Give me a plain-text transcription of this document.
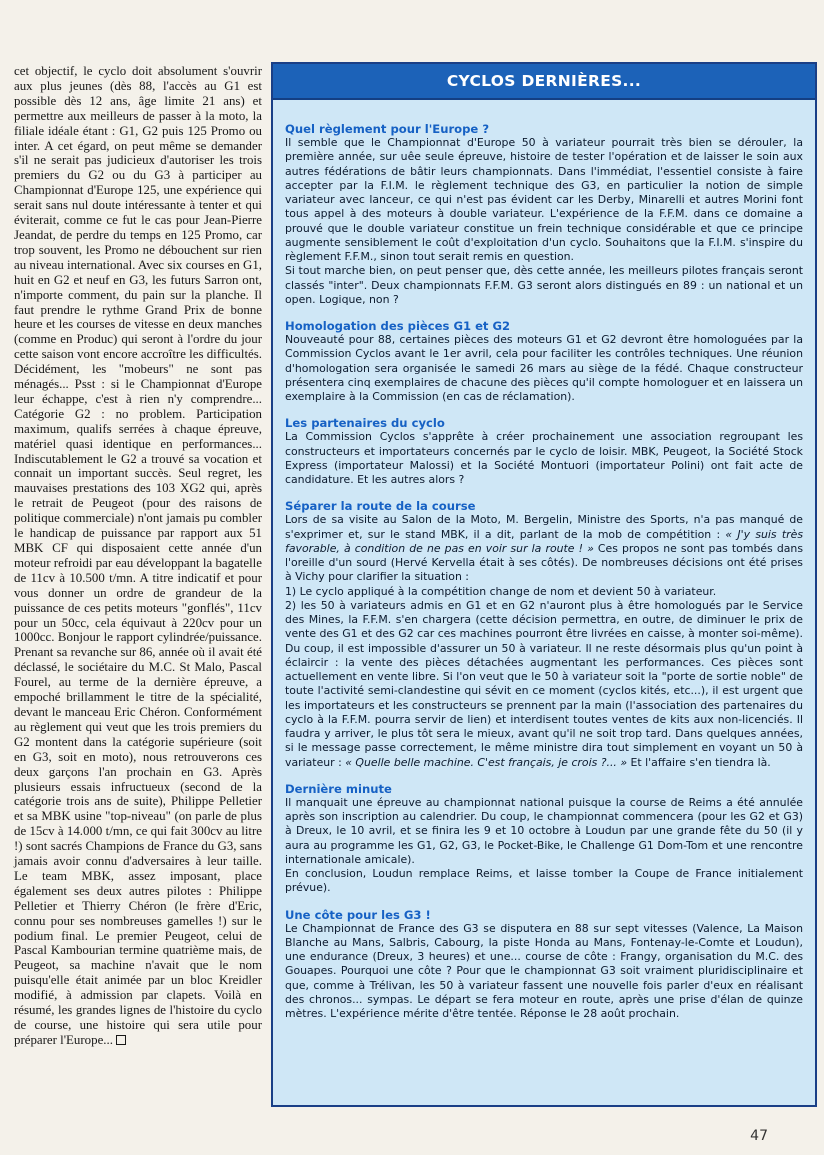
cet objectif, le cyclo doit absolument s'ouvrir aux plus jeunes (dès 88, l'accès au G1 est possible dès 12 ans, âge limite 21 ans) et permettre aux meilleurs de passer à la moto, la filiale idéale étant : G1, G2 puis 125 Promo ou inter. A cet égard, on peut même se demander s'il ne serait pas judicieux d'autoriser les trois premiers du G2 ou du G3 à participer au Championnat d'Europe 125, une expérience qui serait sans nul doute intéressante à tenter et qui éviterait, comme ce fut le cas pour Jean-Pierre Jeandat, de perdre du temps en 125 Promo, car trop souvent, les Promo ne débouchent sur rien au niveau international. Avec six courses en G1, huit en G2 et neuf en G3, les futurs Sarron ont, n'importe comment, du pain sur la planche. Il faut prendre le rythme Grand Prix de bonne heure et les courses de vitesse en deux manches (comme en Produc) qui seront à l'ordre du jour cette saison vont encore accroître les difficultés. Décidément, les "mobeurs" ne sont pas ménagés... Psst : si le Championnat d'Europe leur échappe, c'est à rien n'y comprendre... Catégorie G2 : no problem. Participation maximum, qualifs serrées à chaque épreuve, matériel quasi identique en performances... Indiscutablement le G2 a trouvé sa vocation et connait un important succès. Seul regret, les mauvaises prestations des 103 XG2 qui, après le retrait de Peugeot (pour des raisons de politique commerciale) n'ont jamais pu combler le handicap de puissance par rapport aux 51 MBK CF qui disposaient cette année d'un moteur refroidi par eau développant la bagatelle de 11cv à 10.500 t/mn. A titre indicatif et pour vous donner un ordre de grandeur de la puissance de ces petits moteurs "gonflés", 11cv pour un 50cc, cela équivaut à 220cv pour un 1000cc. Bonjour le rapport cylindrée/puissance. Prenant sa revanche sur 86, année où il avait été déclassé, le sociétaire du M.C. St Malo, Pascal Fourel, au terme de la dernière épreuve, a empoché brillamment le titre de la spécialité, devant le manceau Eric Chéron. Conformément au règlement qui veut que les trois premiers du G2 montent dans la catégorie supérieure (soit en G3, soit en moto), nous retrouverons ces deux garçons l'an prochain en G3. Après plusieurs essais infructueux (second de la catégorie trois ans de suite), Philippe Pelletier et sa MBK usine "top-niveau" (on parle de plus de 15cv à 14.000 t/mn, ce qui fait 300cv au litre !) sont sacrés Champions de France du G3, sans jamais avoir connu d'adversaires à leur taille. Le team MBK, assez imposant, place également ses deux autres pilotes : Philippe Pelletier et Thierry Chéron (le frère d'Eric, connu pour ses nombreuses gamelles !) sur le podium final. Le premier Peugeot, celui de Pascal Kambourian termine quatrième mais, de Peugeot, sa machine n'avait que le nom puisqu'elle était animée par un bloc Kreidler modifié, à admission par clapets. Voilà en résumé, les grandes lignes de l'histoire du cyclo de course, une histoire qui sera utile pour préparer l'Europe...

CYCLOS DERNIÈRES...
Quel règlement pour l'Europe ?
Il semble que le Championnat d'Europe 50 à variateur pourrait très bien se dérouler, la première année, sur uêe seule épreuve, histoire de tester l'opération et de laisser le soin aux autres fédérations de bâtir leurs championnats. Dans l'immédiat, l'essentiel consiste à faire accepter par la F.I.M. le règlement technique des G3, en particulier la notion de simple variateur avec lanceur, ce qui n'est pas évident car les Derby, Minarelli et autres Morini font tous appel à des moteurs à double variateur. L'expérience de la F.F.M. dans ce domaine a prouvé que le double variateur constitue un frein technique considérable et que ce principe augmente sensiblement le coût d'exploitation d'un cyclo. Souhaitons que la F.I.M. s'inspire du règlement F.F.M., sinon tout serait remis en question.
Si tout marche bien, on peut penser que, dès cette année, les meilleurs pilotes français seront classés "inter". Deux championnats F.F.M. G3 seront alors distingués en 89 : un national et un open. Logique, non ?
Homologation des pièces G1 et G2
Nouveauté pour 88, certaines pièces des moteurs G1 et G2 devront être homologuées par la Commission Cyclos avant le 1er avril, cela pour faciliter les contrôles techniques. Une réunion d'homologation sera organisée le samedi 26 mars au siège de la fédé. Chaque constructeur présentera cinq exemplaires de chacune des pièces qu'il compte homologuer et en laissera un exemplaire à la Commission (en cas de réclamation).
Les partenaires du cyclo
La Commission Cyclos s'apprête à créer prochainement une association regroupant les constructeurs et importateurs concernés par le cyclo de loisir. MBK, Peugeot, la Société Stock Express (importateur Malossi) et la Société Montuori (importateur Polini) ont fait acte de candidature. Et les autres alors ?
Séparer la route de la course
Lors de sa visite au Salon de la Moto, M. Bergelin, Ministre des Sports, n'a pas manqué de s'exprimer et, sur le stand MBK, il a dit, parlant de la mob de compétition : « J'y suis très favorable, à condition de ne pas en voir sur la route ! » Ces propos ne sont pas tombés dans l'oreille d'un sourd (Hervé Kervella était à ses côtés). De nombreuses décisions ont été prises à Vichy pour clarifier la situation :
1) Le cyclo appliqué à la compétition change de nom et devient 50 à variateur.
2) les 50 à variateurs admis en G1 et en G2 n'auront plus à être homologués par le Service des Mines, la F.F.M. s'en chargera (cette décision permettra, en outre, de diminuer le prix de vente des G1 et des G2 car ces machines pourront être livrées en caisse, à monter soi-même). Du coup, il est impossible d'assurer un 50 à variateur. Il ne reste désormais plus qu'un point à éclaircir : la vente des pièces détachées augmentant les performances. Ces pièces sont actuellement en vente libre. Si l'on veut que le 50 à variateur soit la "porte de sortie noble" de toute l'activité semi-clandestine qui sévit en ce moment (cyclos kités, etc...), il est urgent que les importateurs et les constructeurs se prennent par la main (l'association des partenaires du cyclo à la F.F.M. pourra servir de lien) et interdisent toutes ventes de kits aux non-licenciés. Il faudra y arriver, le plus tôt sera le mieux, avant qu'il ne soit trop tard. Dans quelques années, si le message passe correctement, le même ministre dira tout simplement en voyant un 50 à variateur : « Quelle belle machine. C'est français, je crois ?... » Et l'affaire s'en tiendra là.
Dernière minute
Il manquait une épreuve au championnat national puisque la course de Reims a été annulée après son inscription au calendrier. Du coup, le championnat commencera (pour les G2 et G3) à Dreux, le 10 avril, et se finira les 9 et 10 octobre à Loudun par une grande fête du 50 (il y aura au programme les G1, G2, G3, le Pocket-Bike, le Challenge G1 Dom-Tom et une rencontre internationale amicale).
En conclusion, Loudun remplace Reims, et laisse tomber la Coupe de France initialement prévue).
Une côte pour les G3 !
Le Championnat de France des G3 se disputera en 88 sur sept vitesses (Valence, La Maison Blanche au Mans, Salbris, Cabourg, la piste Honda au Mans, Fontenay-le-Comte et Loudun), une endurance (Dreux, 3 heures) et une... course de côte : Frangy, organisation du M.C. des Gouapes. Pourquoi une côte ? Pour que le championnat G3 soit vraiment pluridisciplinaire et que, comme à Trélivan, les 50 à variateur fassent une nouvelle fois parler d'eux en réalisant des chronos... sympas. Le départ se fera moteur en route, après une prise d'élan de quinze mètres. L'expérience mérite d'être tentée. Réponse le 28 août prochain.
47
